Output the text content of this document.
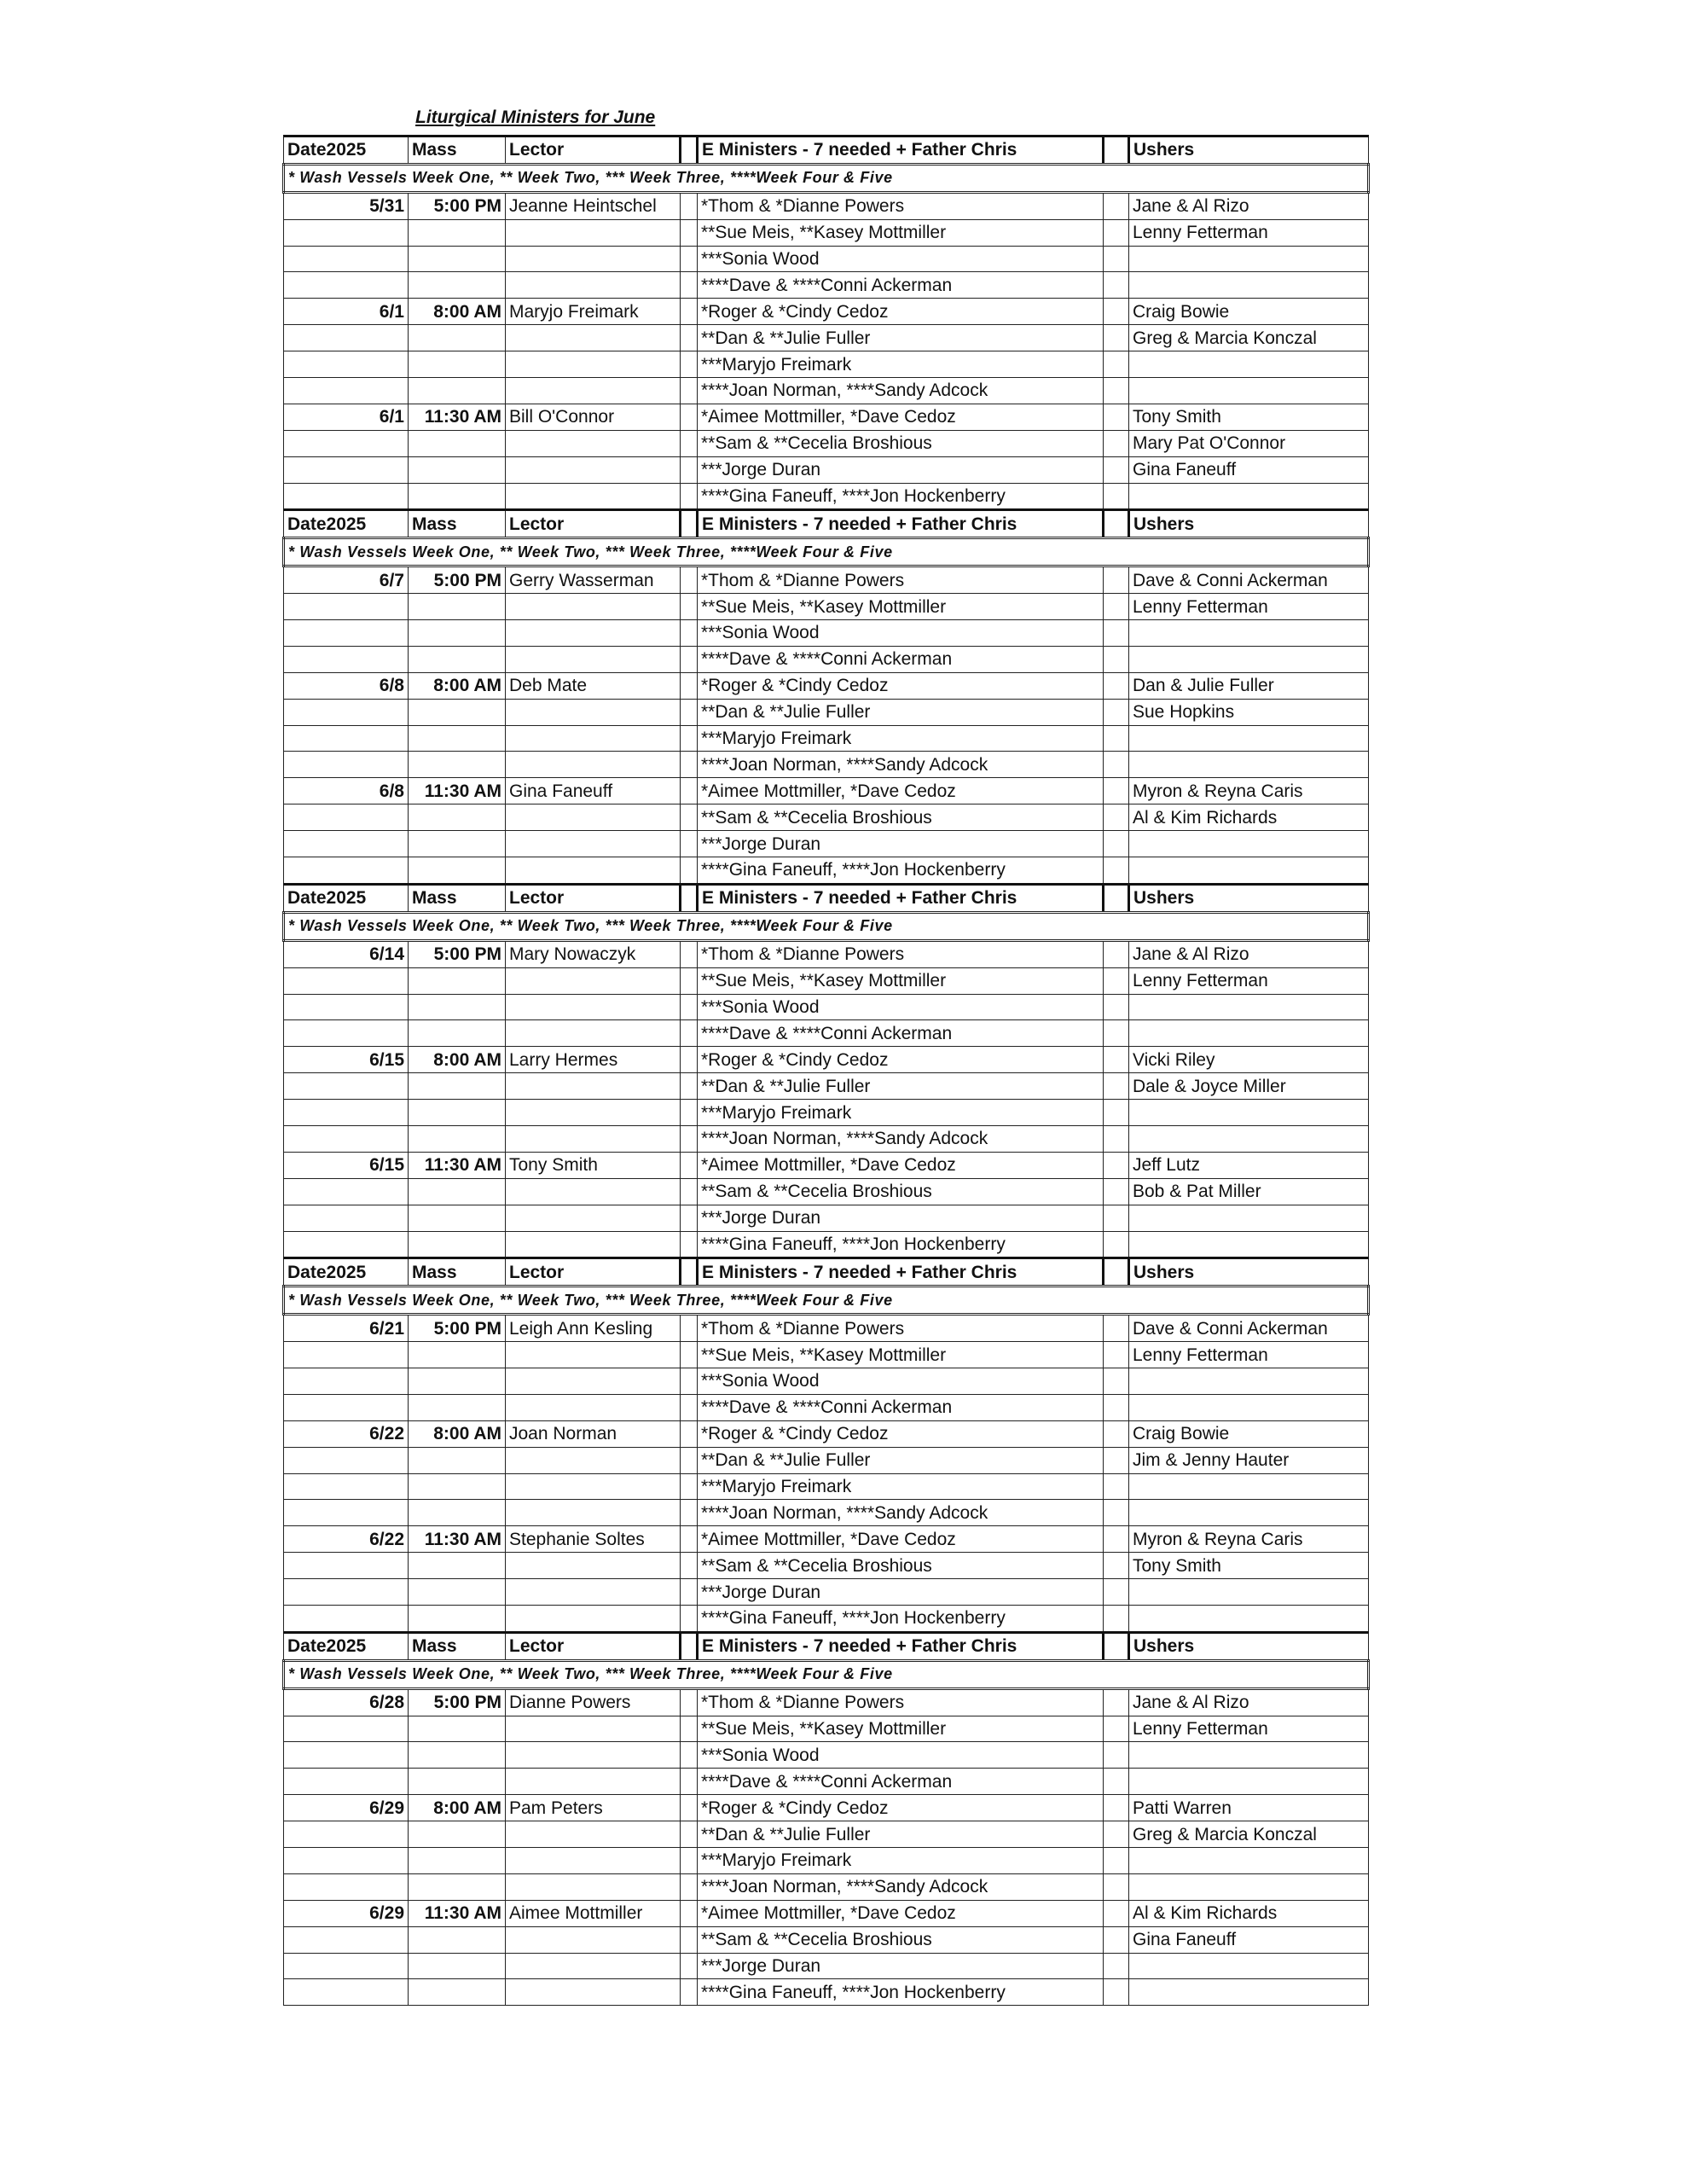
Liturgical Ministers for June
Date2025	Mass	Lector		E Ministers - 7 needed + Father Chris		Ushers
* Wash Vessels Week One, ** Week Two, *** Week Three, ****Week Four & Five						
5/31	5:00 PM	Jeanne Heintschel		*Thom & *Dianne Powers		Jane & Al Rizo
				**Sue Meis, **Kasey Mottmiller		Lenny Fetterman
				***Sonia Wood		
				****Dave & ****Conni Ackerman		
6/1	8:00 AM	Maryjo Freimark		*Roger & *Cindy Cedoz		Craig Bowie
				**Dan & **Julie Fuller		Greg & Marcia Konczal
				***Maryjo Freimark		
				****Joan Norman, ****Sandy Adcock		
6/1	11:30 AM	Bill O'Connor		*Aimee Mottmiller, *Dave Cedoz		Tony Smith
				**Sam & **Cecelia Broshious		Mary Pat O'Connor
				***Jorge Duran		Gina Faneuff
				****Gina Faneuff, ****Jon Hockenberry		
Date2025	Mass	Lector		E Ministers - 7 needed + Father Chris		Ushers
* Wash Vessels Week One, ** Week Two, *** Week Three, ****Week Four & Five						
6/7	5:00 PM	Gerry Wasserman		*Thom & *Dianne Powers		Dave & Conni Ackerman
				**Sue Meis, **Kasey Mottmiller		Lenny Fetterman
				***Sonia Wood		
				****Dave & ****Conni Ackerman		
6/8	8:00 AM	Deb Mate		*Roger & *Cindy Cedoz		Dan & Julie Fuller
				**Dan & **Julie Fuller		Sue Hopkins
				***Maryjo Freimark		
				****Joan Norman, ****Sandy Adcock		
6/8	11:30 AM	Gina Faneuff		*Aimee Mottmiller, *Dave Cedoz		Myron & Reyna Caris
				**Sam & **Cecelia Broshious		Al & Kim Richards
				***Jorge Duran		
				****Gina Faneuff, ****Jon Hockenberry		
Date2025	Mass	Lector		E Ministers - 7 needed + Father Chris		Ushers
* Wash Vessels Week One, ** Week Two, *** Week Three, ****Week Four & Five						
6/14	5:00 PM	Mary Nowaczyk		*Thom & *Dianne Powers		Jane & Al Rizo
				**Sue Meis, **Kasey Mottmiller		Lenny Fetterman
				***Sonia Wood		
				****Dave & ****Conni Ackerman		
6/15	8:00 AM	Larry Hermes		*Roger & *Cindy Cedoz		Vicki Riley
				**Dan & **Julie Fuller		Dale & Joyce Miller
				***Maryjo Freimark		
				****Joan Norman, ****Sandy Adcock		
6/15	11:30 AM	Tony Smith		*Aimee Mottmiller, *Dave Cedoz		Jeff Lutz
				**Sam & **Cecelia Broshious		Bob & Pat Miller
				***Jorge Duran		
				****Gina Faneuff, ****Jon Hockenberry		
Date2025	Mass	Lector		E Ministers - 7 needed + Father Chris		Ushers
* Wash Vessels Week One, ** Week Two, *** Week Three, ****Week Four & Five						
6/21	5:00 PM	Leigh Ann Kesling		*Thom & *Dianne Powers		Dave & Conni Ackerman
				**Sue Meis, **Kasey Mottmiller		Lenny Fetterman
				***Sonia Wood		
				****Dave & ****Conni Ackerman		
6/22	8:00 AM	Joan Norman		*Roger & *Cindy Cedoz		Craig Bowie
				**Dan & **Julie Fuller		Jim & Jenny Hauter
				***Maryjo Freimark		
				****Joan Norman, ****Sandy Adcock		
6/22	11:30 AM	Stephanie Soltes		*Aimee Mottmiller, *Dave Cedoz		Myron & Reyna Caris
				**Sam & **Cecelia Broshious		Tony Smith
				***Jorge Duran		
				****Gina Faneuff, ****Jon Hockenberry		
Date2025	Mass	Lector		E Ministers - 7 needed + Father Chris		Ushers
* Wash Vessels Week One, ** Week Two, *** Week Three, ****Week Four & Five						
6/28	5:00 PM	Dianne Powers		*Thom & *Dianne Powers		Jane & Al Rizo
				**Sue Meis, **Kasey Mottmiller		Lenny Fetterman
				***Sonia Wood		
				****Dave & ****Conni Ackerman		
6/29	8:00 AM	Pam Peters		*Roger & *Cindy Cedoz		Patti Warren
				**Dan & **Julie Fuller		Greg & Marcia Konczal
				***Maryjo Freimark		
				****Joan Norman, ****Sandy Adcock		
6/29	11:30 AM	Aimee Mottmiller		*Aimee Mottmiller, *Dave Cedoz		Al & Kim Richards
				**Sam & **Cecelia Broshious		Gina Faneuff
				***Jorge Duran		
				****Gina Faneuff, ****Jon Hockenberry		
